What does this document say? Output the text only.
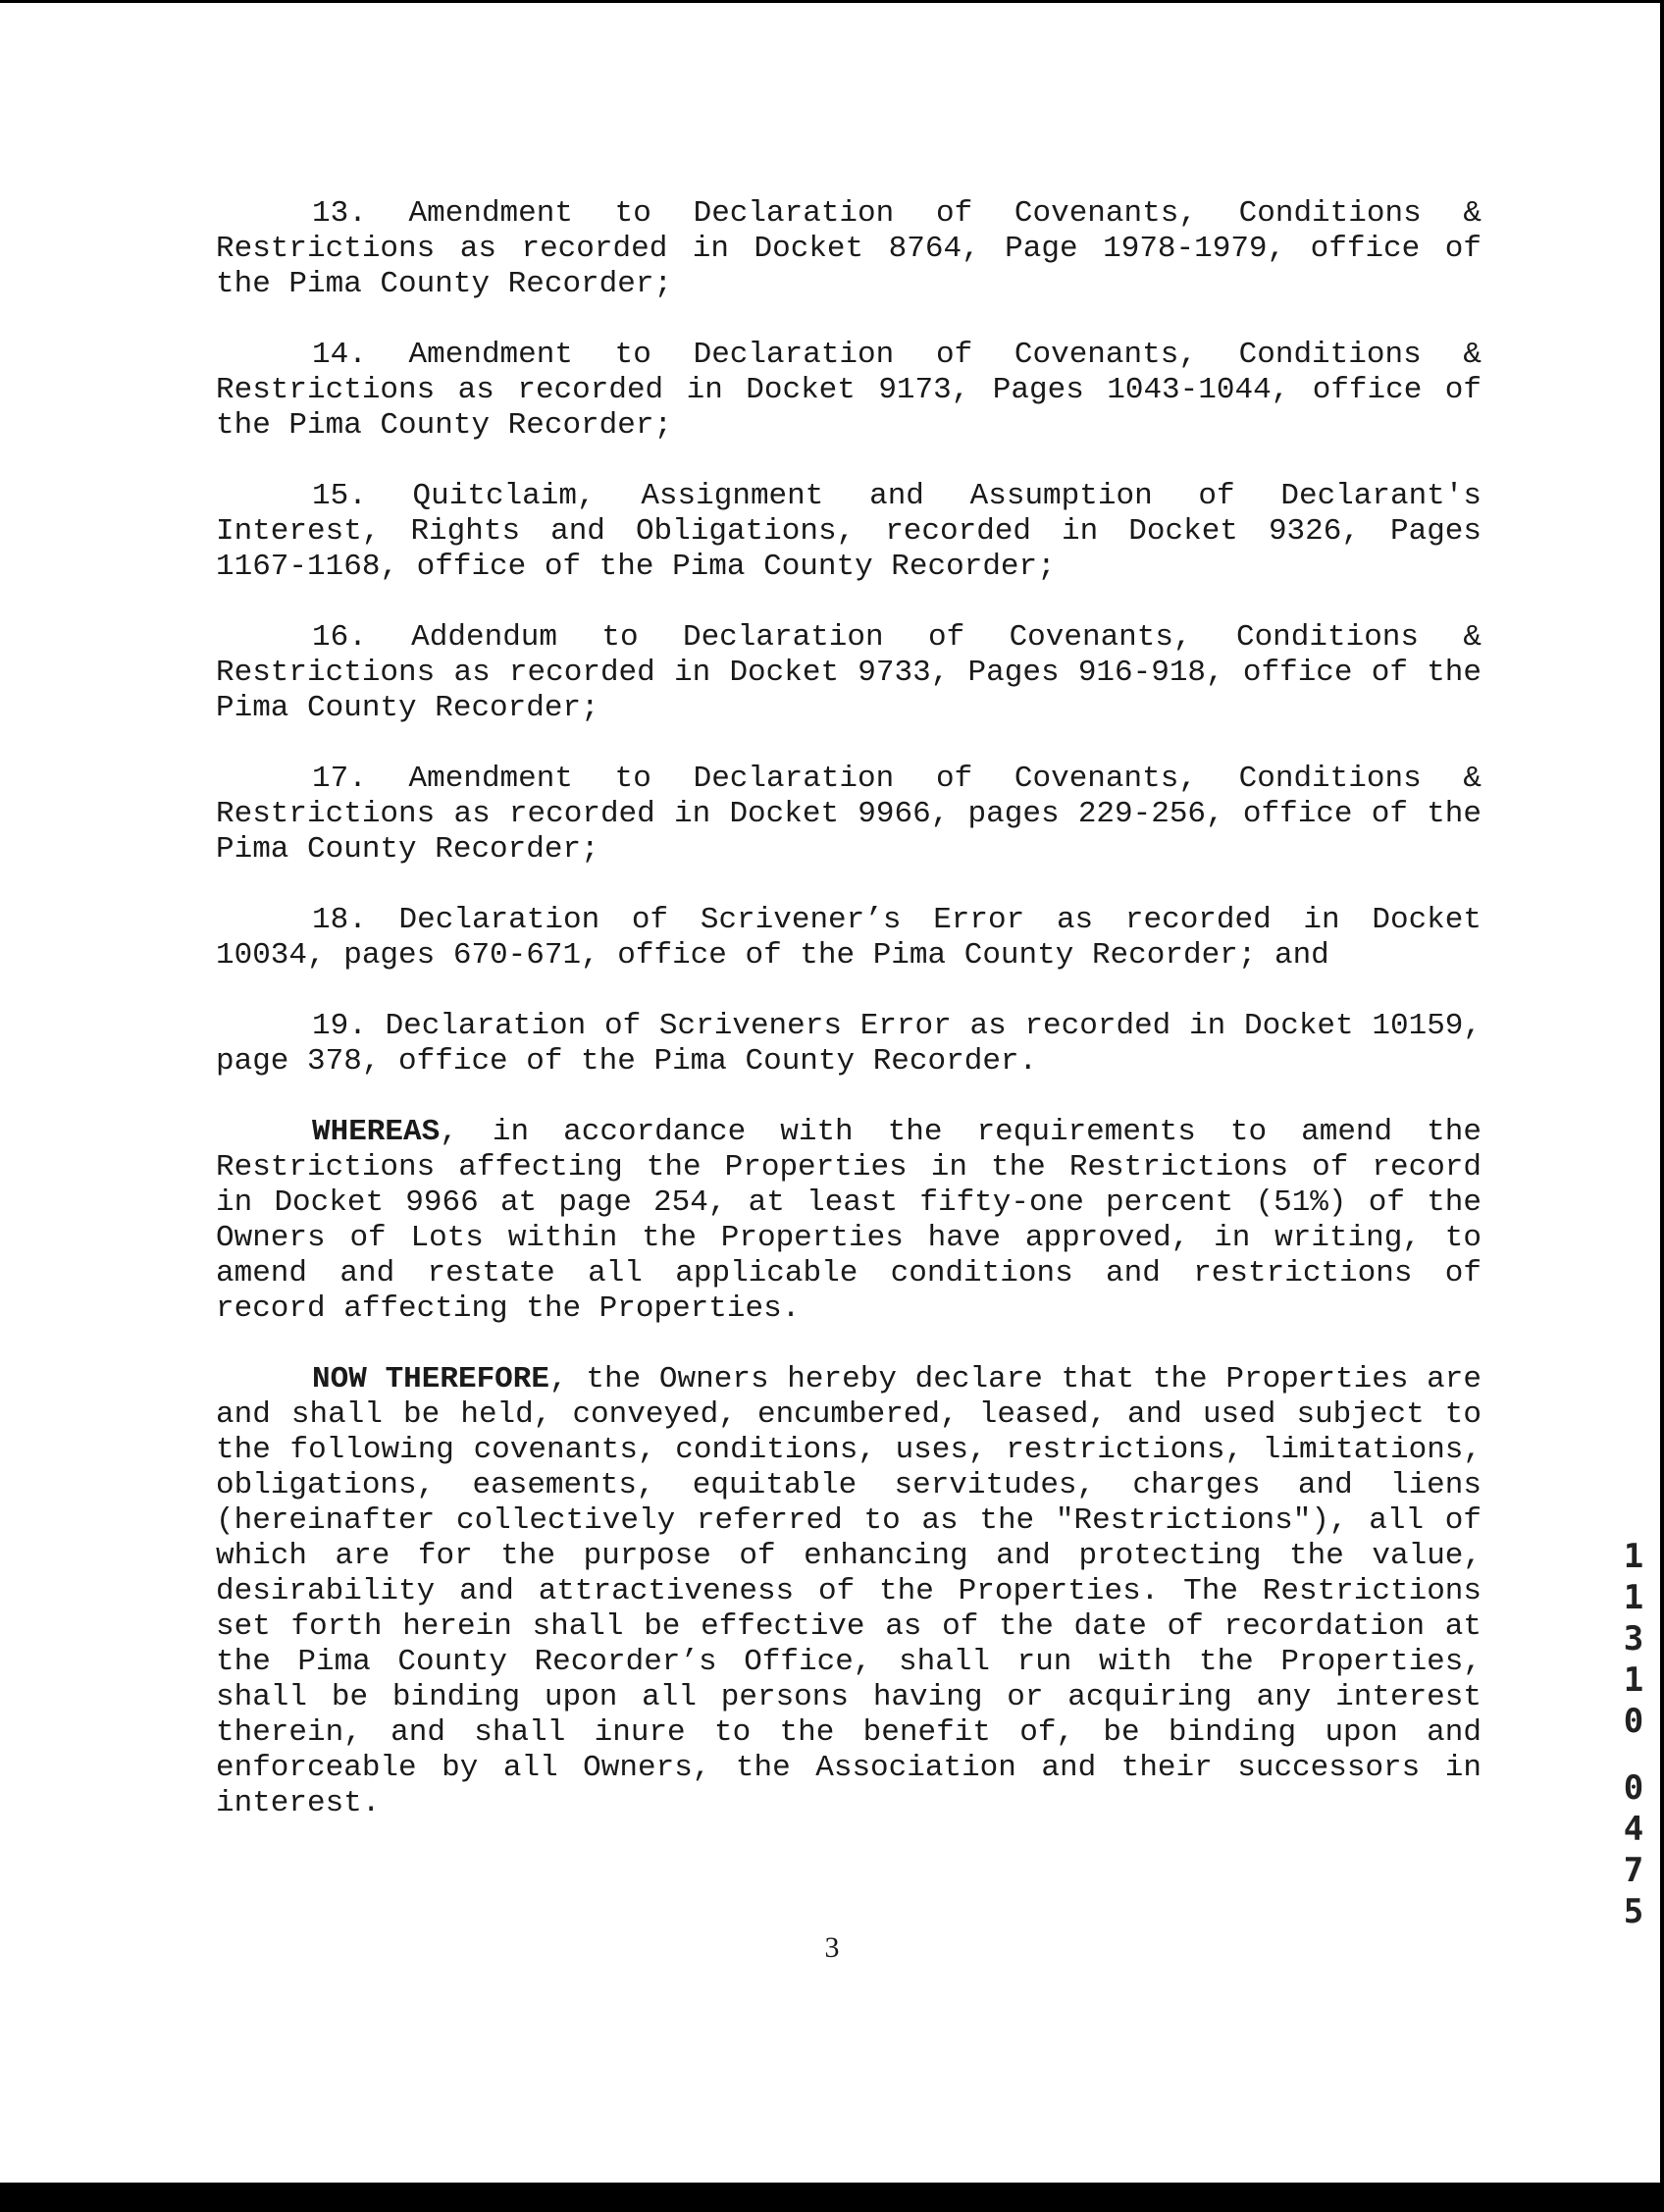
13. Amendment to Declaration of Covenants, Conditions & Restrictions as recorded in Docket 8764, Page 1978-1979, office of the Pima County Recorder;

14. Amendment to Declaration of Covenants, Conditions & Restrictions as recorded in Docket 9173, Pages 1043-1044, office of the Pima County Recorder;

15. Quitclaim, Assignment and Assumption of Declarant's Interest, Rights and Obligations, recorded in Docket 9326, Pages 1167-1168, office of the Pima County Recorder;

16. Addendum to Declaration of Covenants, Conditions & Restrictions as recorded in Docket 9733, Pages 916-918, office of the Pima County Recorder;

17. Amendment to Declaration of Covenants, Conditions & Restrictions as recorded in Docket 9966, pages 229-256, office of the Pima County Recorder;

18. Declaration of Scrivener’s Error as recorded in Docket 10034, pages 670-671, office of the Pima County Recorder; and

19. Declaration of Scriveners Error as recorded in Docket 10159, page 378, office of the Pima County Recorder.

WHEREAS, in accordance with the requirements to amend the Restrictions affecting the Properties in the Restrictions of record in Docket 9966 at page 254, at least fifty-one percent (51%) of the Owners of Lots within the Properties have approved, in writing, to amend and restate all applicable conditions and restrictions of record affecting the Properties.

NOW THEREFORE, the Owners hereby declare that the Properties are and shall be held, conveyed, encumbered, leased, and used subject to the following covenants, conditions, uses, restrictions, limitations, obligations, easements, equitable servitudes, charges and liens (hereinafter collectively referred to as the "Restrictions"), all of which are for the purpose of enhancing and protecting the value, desirability and attractiveness of the Properties. The Restrictions set forth herein shall be effective as of the date of recordation at the Pima County Recorder’s Office, shall run with the Properties, shall be binding upon all persons having or acquiring any interest therein, and shall inure to the benefit of, be binding upon and enforceable by all Owners, the Association and their successors in interest.

1
1
3
1
0
0
4
7
5
3
